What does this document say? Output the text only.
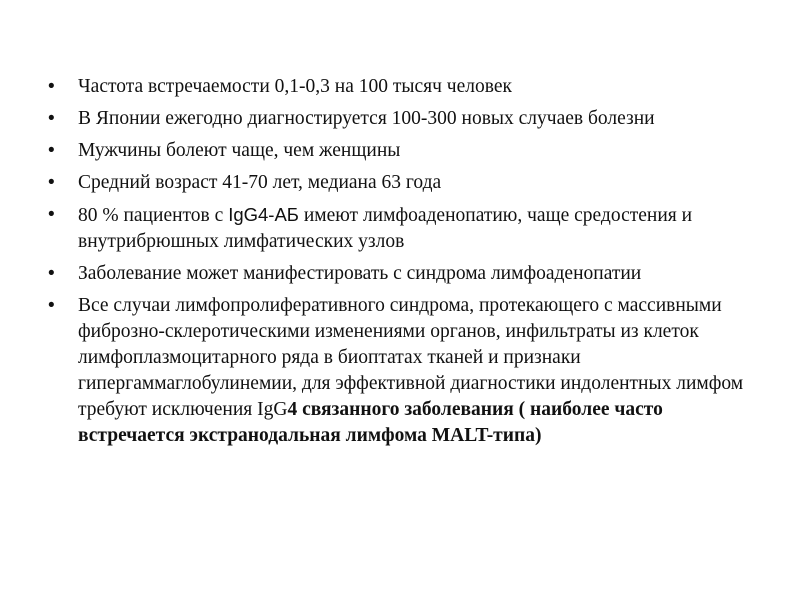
• Частота встречаемости 0,1-0,3 на 100 тысяч человек
• В Японии ежегодно диагностируется 100-300 новых случаев болезни
• Мужчины болеют чаще, чем женщины
• Средний возраст 41-70 лет, медиана 63 года
• 80 % пациентов с IgG4-АБ имеют лимфоаденопатию, чаще средостения и внутрибрюшных лимфатических узлов
• Заболевание может манифестировать с синдрома лимфоаденопатии
• Все случаи лимфопролиферативного синдрома, протекающего с массивными фиброзно-склеротическими изменениями органов, инфильтраты из клеток лимфоплазмоцитарного ряда в биоптатах тканей и признаки гипергаммаглобулинемии, для эффективной диагностики индолентных лимфом требуют исключения IgG4 связанного заболевания ( наиболее часто встречается экстранодальная лимфома MALT-типа)
